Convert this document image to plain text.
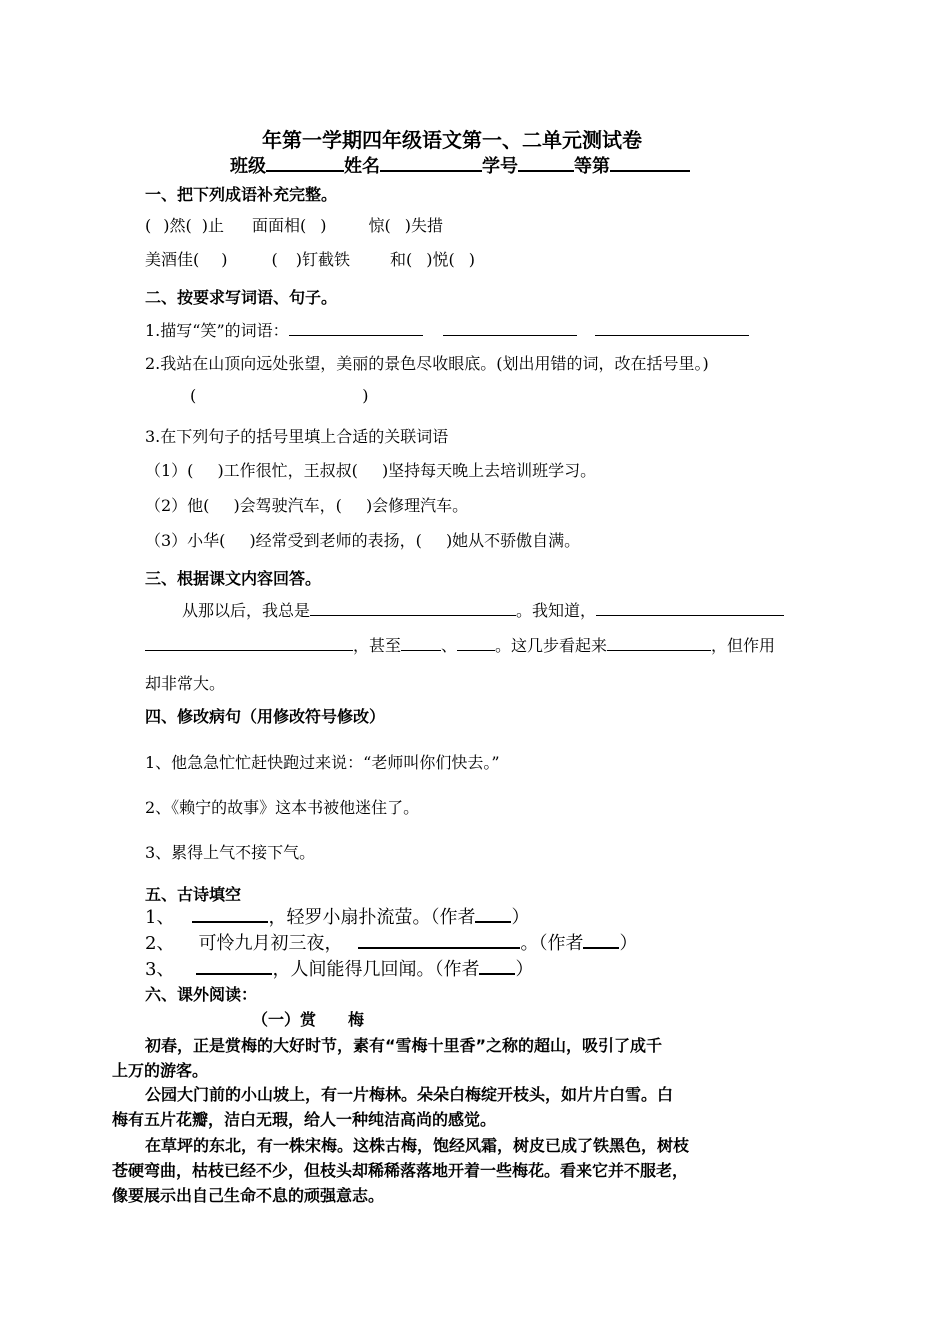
年第一学期四年级语文第一、二单元测试卷
班级	姓名	学号	等第
一、把下列成语补充完整。
( )然( )止 面面相( )	惊( )失措
美酒佳( )	( )钉截铁	和( )悦( )
二、按要求写词语、句子。
1.描写“笑”的词语：
2.我站在山顶向远处张望，美丽的景色尽收眼底。(划出用错的词，改在括号里。)
(	)
3.在下列句子的括号里填上合适的关联词语
（1）( )工作很忙，王叔叔( )坚持每天晚上去培训班学习。
（2）他( )会驾驶汽车，( )会修理汽车。
（3）小华( )经常受到老师的表扬，( )她从不骄傲自满。
三、根据课文内容回答。
从那以后，我总是	。我知道，
，甚至	、 。这几步看起来	，但作用
却非常大。
四、修改病句（用修改符号修改）
1、他急急忙忙赶快跑过来说：“老师叫你们快去。”
2、《赖宁的故事》这本书被他迷住了。
3、累得上气不接下气。
五、古诗填空
1、	，轻罗小扇扑流萤。（作者 ）
2、 可怜九月初三夜，	。（作者 ）
3、	，人间能得几回闻。（作者 ）
六、课外阅读：
（一）赏　　梅
初春，正是赏梅的大好时节，素有“雪梅十里香”之称的超山，吸引了成千
上万的游客。
公园大门前的小山坡上，有一片梅林。朵朵白梅绽开枝头，如片片白雪。白
梅有五片花瓣，洁白无瑕，给人一种纯洁高尚的感觉。
在草坪的东北，有一株宋梅。这株古梅，饱经风霜，树皮已成了铁黑色，树枝
苍硬弯曲，枯枝已经不少，但枝头却稀稀落落地开着一些梅花。看来它并不服老，
像要展示出自己生命不息的顽强意志。
